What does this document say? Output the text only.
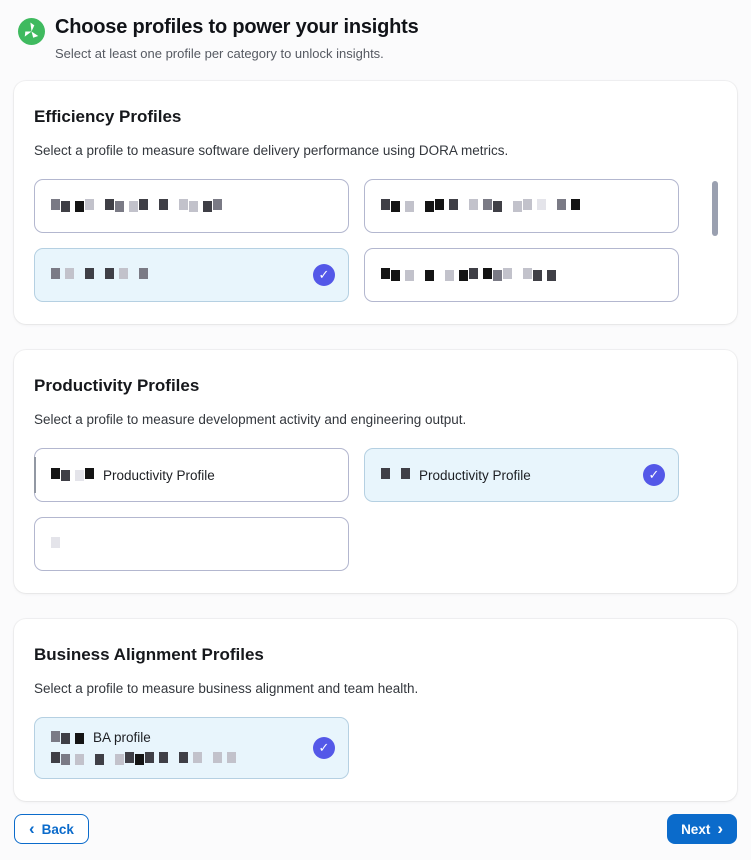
Choose profiles to power your insights

Select at least one profile per category to unlock insights.

Efficiency Profiles

Select a profile to measure software delivery performance using DORA metrics.

✓
Productivity Profiles

Select a profile to measure development activity and engineering output.

Productivity Profile	Productivity Profile	✓
Business Alignment Profiles

Select a profile to measure business alignment and team health.

BA profile
✓
‹ Back	Next ›
